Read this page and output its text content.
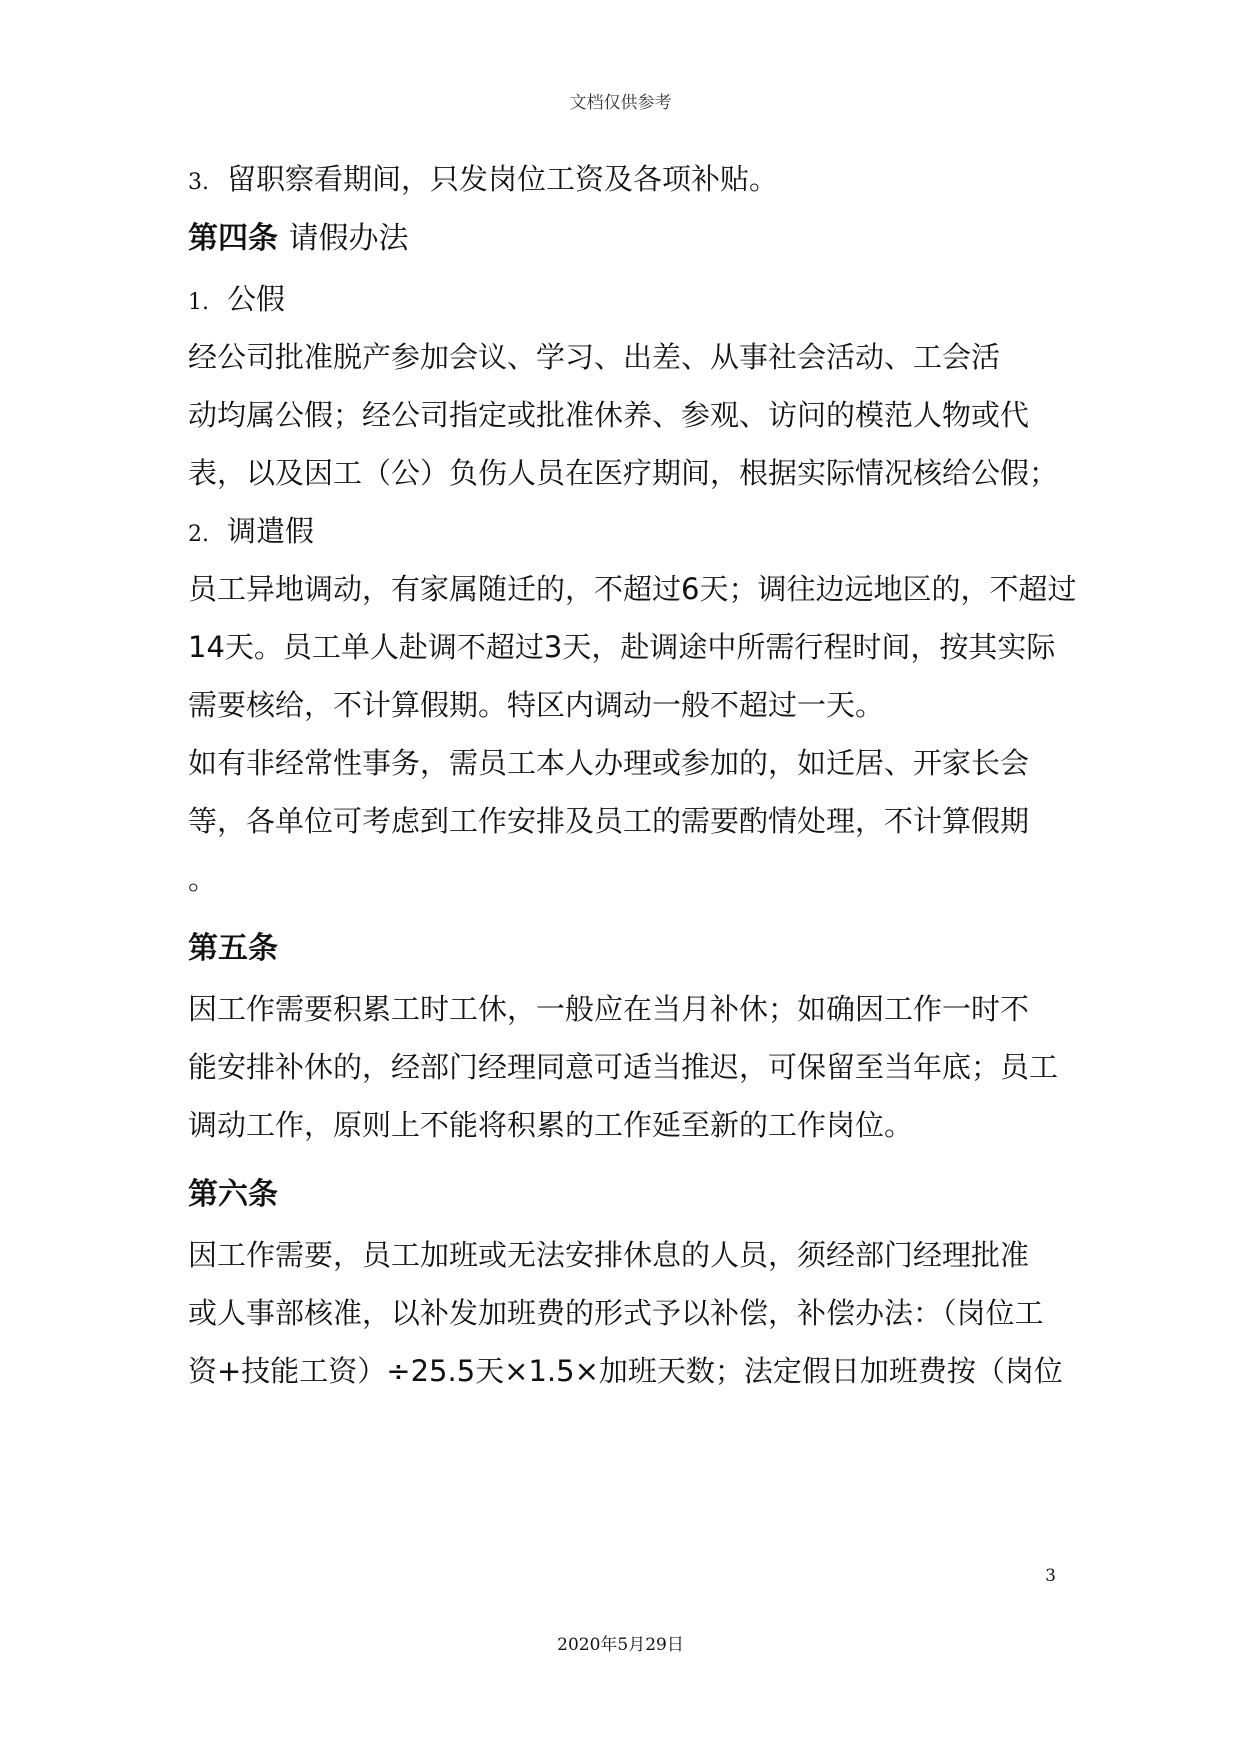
文档仅供参考
3. 留职察看期间，只发岗位工资及各项补贴。
第四条 请假办法
1. 公假
经公司批准脱产参加会议、学习、出差、从事社会活动、工会活
动均属公假；经公司指定或批准休养、参观、访问的模范人物或代
表，以及因工（公）负伤人员在医疗期间，根据实际情况核给公假；
2. 调遣假
员工异地调动，有家属随迁的，不超过6天；调往边远地区的，不超过
14天。员工单人赴调不超过3天，赴调途中所需行程时间，按其实际
需要核给，不计算假期。特区内调动一般不超过一天。
如有非经常性事务，需员工本人办理或参加的，如迁居、开家长会
等，各单位可考虑到工作安排及员工的需要酌情处理，不计算假期
。
第五条
因工作需要积累工时工休，一般应在当月补休；如确因工作一时不
能安排补休的，经部门经理同意可适当推迟，可保留至当年底；员工
调动工作，原则上不能将积累的工作延至新的工作岗位。
第六条
因工作需要，员工加班或无法安排休息的人员，须经部门经理批准
或人事部核准，以补发加班费的形式予以补偿，补偿办法：（岗位工
资+技能工资）÷25.5天×1.5×加班天数；法定假日加班费按（岗位
3
2020年5月29日
